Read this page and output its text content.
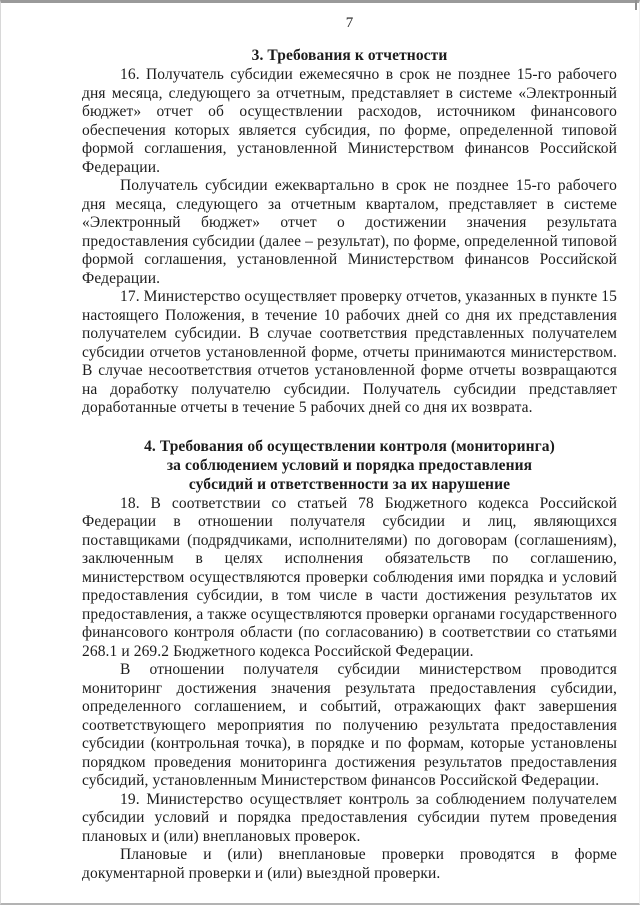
7
3. Требования к отчетности

16. Получатель субсидии ежемесячно в срок не позднее 15-го рабочего дня месяца, следующего за отчетным, представляет в системе «Электронный бюджет» отчет об осуществлении расходов, источником финансового обеспечения которых является субсидия, по форме, определенной типовой формой соглашения, установленной Министерством финансов Российской Федерации.

Получатель субсидии ежеквартально в срок не позднее 15-го рабочего дня месяца, следующего за отчетным кварталом, представляет в системе «Электронный бюджет» отчет о достижении значения результата предоставления субсидии (далее – результат), по форме, определенной типовой формой соглашения, установленной Министерством финансов Российской Федерации.

17. Министерство осуществляет проверку отчетов, указанных в пункте 15 настоящего Положения, в течение 10 рабочих дней со дня их представления получателем субсидии. В случае соответствия представленных получателем субсидии отчетов установленной форме, отчеты принимаются министерством. В случае несоответствия отчетов установленной форме отчеты возвращаются на доработку получателю субсидии. Получатель субсидии представляет доработанные отчеты в течение 5 рабочих дней со дня их возврата.

4. Требования об осуществлении контроля (мониторинга)
за соблюдением условий и порядка предоставления
субсидий и ответственности за их нарушение

18. В соответствии со статьей 78 Бюджетного кодекса Российской Федерации в отношении получателя субсидии и лиц, являющихся поставщиками (подрядчиками, исполнителями) по договорам (соглашениям), заключенным в целях исполнения обязательств по соглашению, министерством осуществляются проверки соблюдения ими порядка и условий предоставления субсидии, в том числе в части достижения результатов их предоставления, а также осуществляются проверки органами государственного финансового контроля области (по согласованию) в соответствии со статьями 268.1 и 269.2 Бюджетного кодекса Российской Федерации.

В отношении получателя субсидии министерством проводится мониторинг достижения значения результата предоставления субсидии, определенного соглашением, и событий, отражающих факт завершения соответствующего мероприятия по получению результата предоставления субсидии (контрольная точка), в порядке и по формам, которые установлены порядком проведения мониторинга достижения результатов предоставления субсидий, установленным Министерством финансов Российской Федерации.

19. Министерство осуществляет контроль за соблюдением получателем субсидии условий и порядка предоставления субсидии путем проведения плановых и (или) внеплановых проверок.

Плановые и (или) внеплановые проверки проводятся в форме документарной проверки и (или) выездной проверки.
